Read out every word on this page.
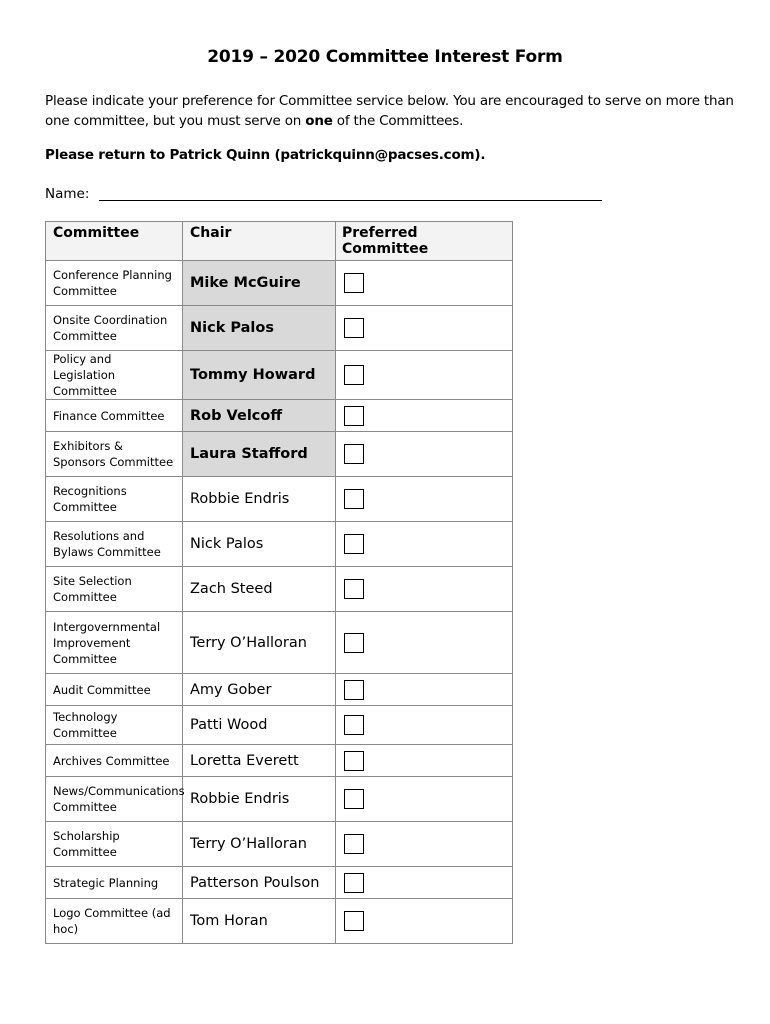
2019 – 2020 Committee Interest Form
Please indicate your preference for Committee service below. You are encouraged to serve on more than one committee, but you must serve on one of the Committees.
Please return to Patrick Quinn (patrickquinn@pacses.com).
Name:
Committee	Chair	Preferred Committee
Conference Planning Committee	Mike McGuire	
Onsite Coordination Committee	Nick Palos	
Policy and Legislation Committee	Tommy Howard	
Finance Committee	Rob Velcoff	
Exhibitors & Sponsors Committee	Laura Stafford	
Recognitions Committee	Robbie Endris	
Resolutions and Bylaws Committee	Nick Palos	
Site Selection Committee	Zach Steed	
Intergovernmental Improvement Committee	Terry O’Halloran	
Audit Committee	Amy Gober	
Technology Committee	Patti Wood	
Archives Committee	Loretta Everett	
News/Communications Committee	Robbie Endris	
Scholarship Committee	Terry O’Halloran	
Strategic Planning	Patterson Poulson	
Logo Committee (ad hoc)	Tom Horan	
